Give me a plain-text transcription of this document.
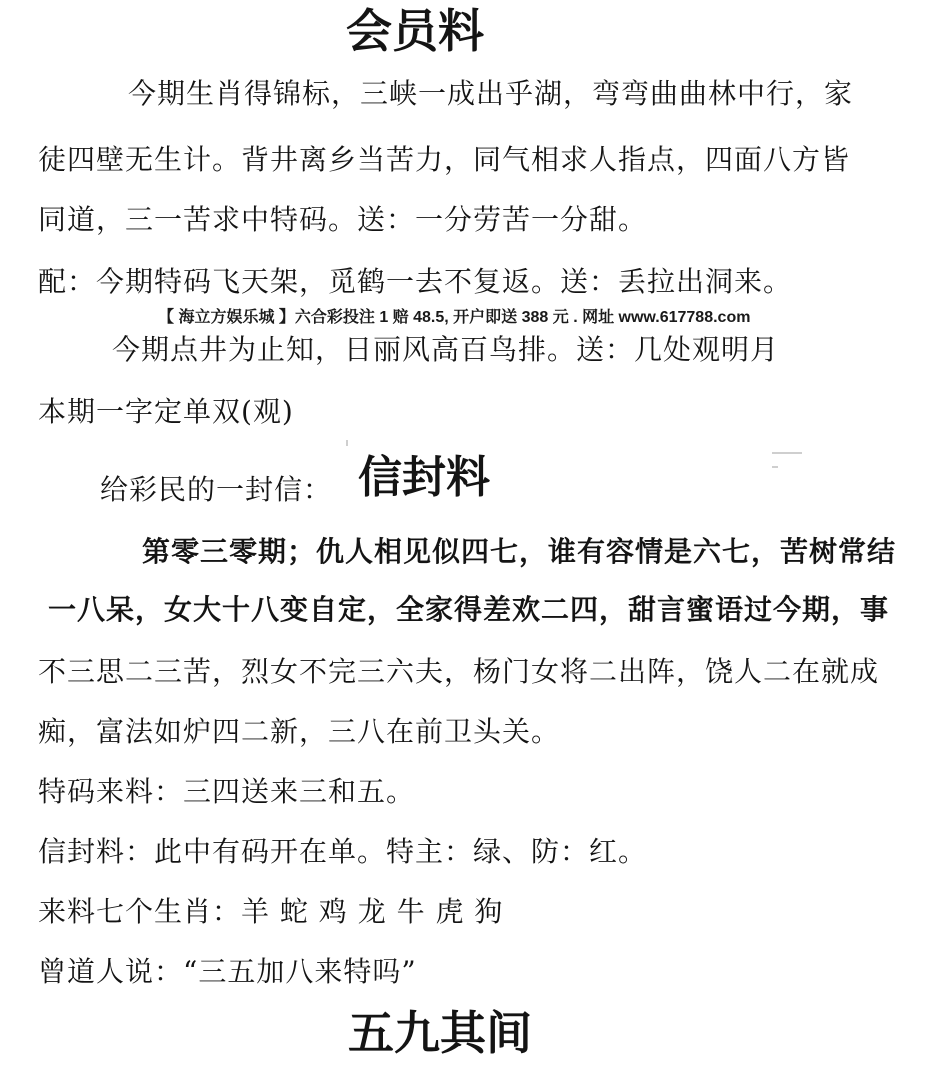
会员料
今期生肖得锦标，三峡一成出乎湖，弯弯曲曲林中行，家
徒四壁无生计。背井离乡当苦力，同气相求人指点，四面八方皆
同道，三一苦求中特码。送：一分劳苦一分甜。
配：今期特码飞天架，觅鹤一去不复返。送：丢拉出洞来。
【 海立方娱乐城 】六合彩投注 1 赔 48.5, 开户即送 388 元 . 网址 www.617788.com
今期点井为止知，日丽风高百鸟排。送：几处观明月
本期一字定单双(观)
给彩民的一封信： 信封料
第零三零期；仇人相见似四七，谁有容情是六七，苦树常结
一八呆，女大十八变自定，全家得差欢二四，甜言蜜语过今期，事
不三思二三苦，烈女不完三六夫，杨门女将二出阵，饶人二在就成
痴，富法如炉四二新，三八在前卫头关。
特码来料：三四送来三和五。
信封料：此中有码开在单。特主：绿、防：红。
来料七个生肖：羊 蛇 鸡 龙 牛 虎 狗
曾道人说：“三五加八来特吗”
五九其间
